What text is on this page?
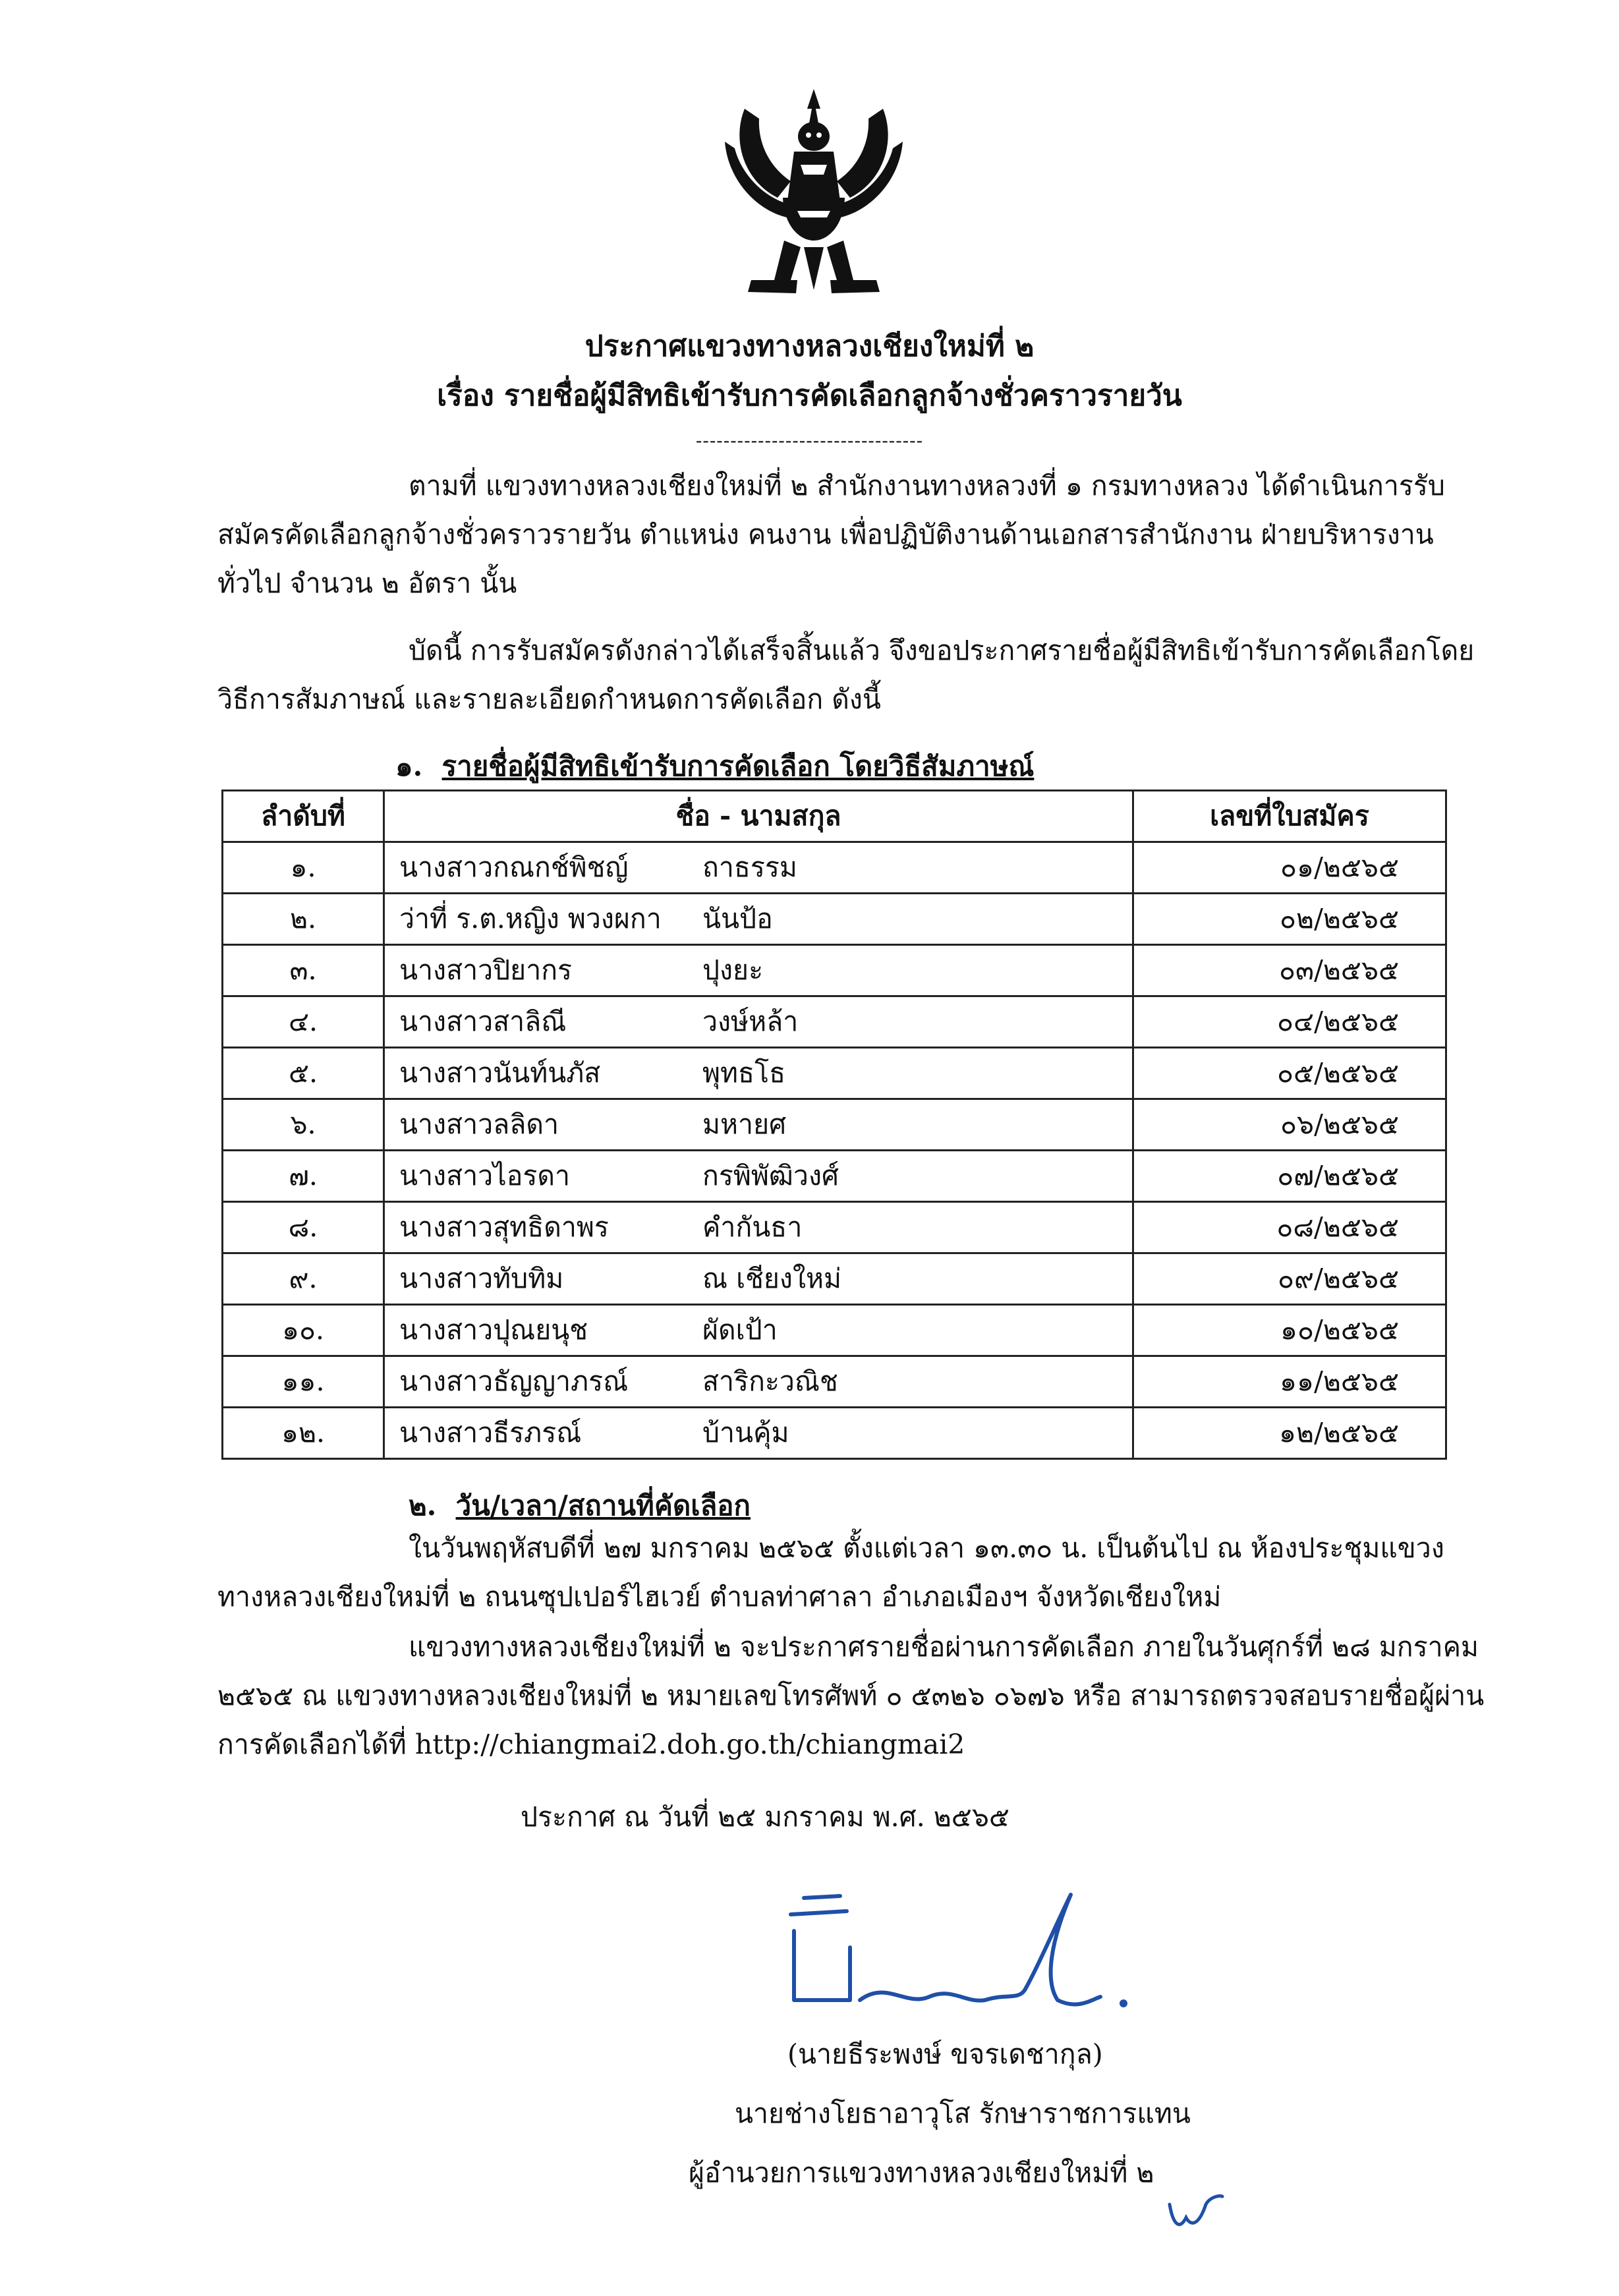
ประกาศแขวงทางหลวงเชียงใหม่ที่ ๒
เรื่อง รายชื่อผู้มีสิทธิเข้ารับการคัดเลือกลูกจ้างชั่วคราวรายวัน
---------------------------------
ตามที่ แขวงทางหลวงเชียงใหม่ที่ ๒ สำนักงานทางหลวงที่ ๑ กรมทางหลวง ได้ดำเนินการรับสมัครคัดเลือกลูกจ้างชั่วคราวรายวัน ตำแหน่ง คนงาน เพื่อปฏิบัติงานด้านเอกสารสำนักงาน ฝ่ายบริหารงานทั่วไป จำนวน ๒ อัตรา นั้น
บัดนี้ การรับสมัครดังกล่าวได้เสร็จสิ้นแล้ว จึงขอประกาศรายชื่อผู้มีสิทธิเข้ารับการคัดเลือกโดยวิธีการสัมภาษณ์ และรายละเอียดกำหนดการคัดเลือก ดังนี้
๑. รายชื่อผู้มีสิทธิเข้ารับการคัดเลือก โดยวิธีสัมภาษณ์
ลำดับที่	ชื่อ - นามสกุล	เลขที่ใบสมัคร
๑.	นางสาวกณกช์พิชญ์ ถาธรรม	๐๑/๒๕๖๕
๒.	ว่าที่ ร.ต.หญิง พวงผกา นันป้อ	๐๒/๒๕๖๕
๓.	นางสาวปิยากร ปุงยะ	๐๓/๒๕๖๕
๔.	นางสาวสาลิณี วงษ์หล้า	๐๔/๒๕๖๕
๕.	นางสาวนันท์นภัส พุทธโธ	๐๕/๒๕๖๕
๖.	นางสาวลลิดา มหายศ	๐๖/๒๕๖๕
๗.	นางสาวไอรดา กรพิพัฒิวงศ์	๐๗/๒๕๖๕
๘.	นางสาวสุทธิดาพร คำกันธา	๐๘/๒๕๖๕
๙.	นางสาวทับทิม ณ เชียงใหม่	๐๙/๒๕๖๕
๑๐.	นางสาวปุณยนุช ผัดเป้า	๑๐/๒๕๖๕
๑๑.	นางสาวธัญญาภรณ์ สาริกะวณิช	๑๑/๒๕๖๕
๑๒.	นางสาวธีรภรณ์ บ้านคุ้ม	๑๒/๒๕๖๕
๒. วัน/เวลา/สถานที่คัดเลือก
ในวันพฤหัสบดีที่ ๒๗ มกราคม ๒๕๖๕ ตั้งแต่เวลา ๑๓.๓๐ น. เป็นต้นไป ณ ห้องประชุมแขวงทางหลวงเชียงใหม่ที่ ๒ ถนนซุปเปอร์ไฮเวย์ ตำบลท่าศาลา อำเภอเมืองฯ จังหวัดเชียงใหม่
แขวงทางหลวงเชียงใหม่ที่ ๒ จะประกาศรายชื่อผ่านการคัดเลือก ภายในวันศุกร์ที่ ๒๘ มกราคม ๒๕๖๕ ณ แขวงทางหลวงเชียงใหม่ที่ ๒ หมายเลขโทรศัพท์ ๐ ๕๓๒๖ ๐๖๗๖ หรือ สามารถตรวจสอบรายชื่อผู้ผ่านการคัดเลือกได้ที่ http://chiangmai2.doh.go.th/chiangmai2
ประกาศ ณ วันที่ ๒๕ มกราคม พ.ศ. ๒๕๖๕
(นายธีระพงษ์ ขจรเดชากุล)
นายช่างโยธาอาวุโส รักษาราชการแทน
ผู้อำนวยการแขวงทางหลวงเชียงใหม่ที่ ๒
